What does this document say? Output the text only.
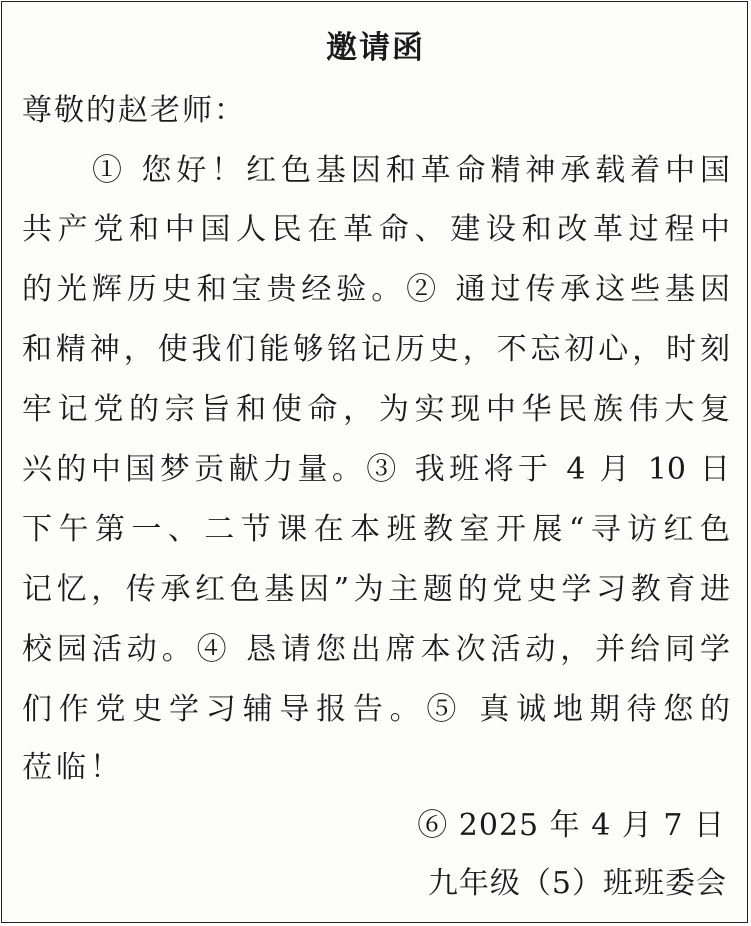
邀请函
尊敬的赵老师：
① 您好！红色基因和革命精神承载着中国
共产党和中国人民在革命、建设和改革过程中
的光辉历史和宝贵经验。② 通过传承这些基因
和精神，使我们能够铭记历史，不忘初心，时刻
牢记党的宗旨和使命，为实现中华民族伟大复
兴的中国梦贡献力量。③ 我班将于 4 月 10 日
下午第一、二节课在本班教室开展“寻访红色
记忆，传承红色基因”为主题的党史学习教育进
校园活动。④ 恳请您出席本次活动，并给同学
们作党史学习辅导报告。⑤ 真诚地期待您的
莅临！
⑥ 2025 年 4 月 7 日
九年级（5）班班委会
